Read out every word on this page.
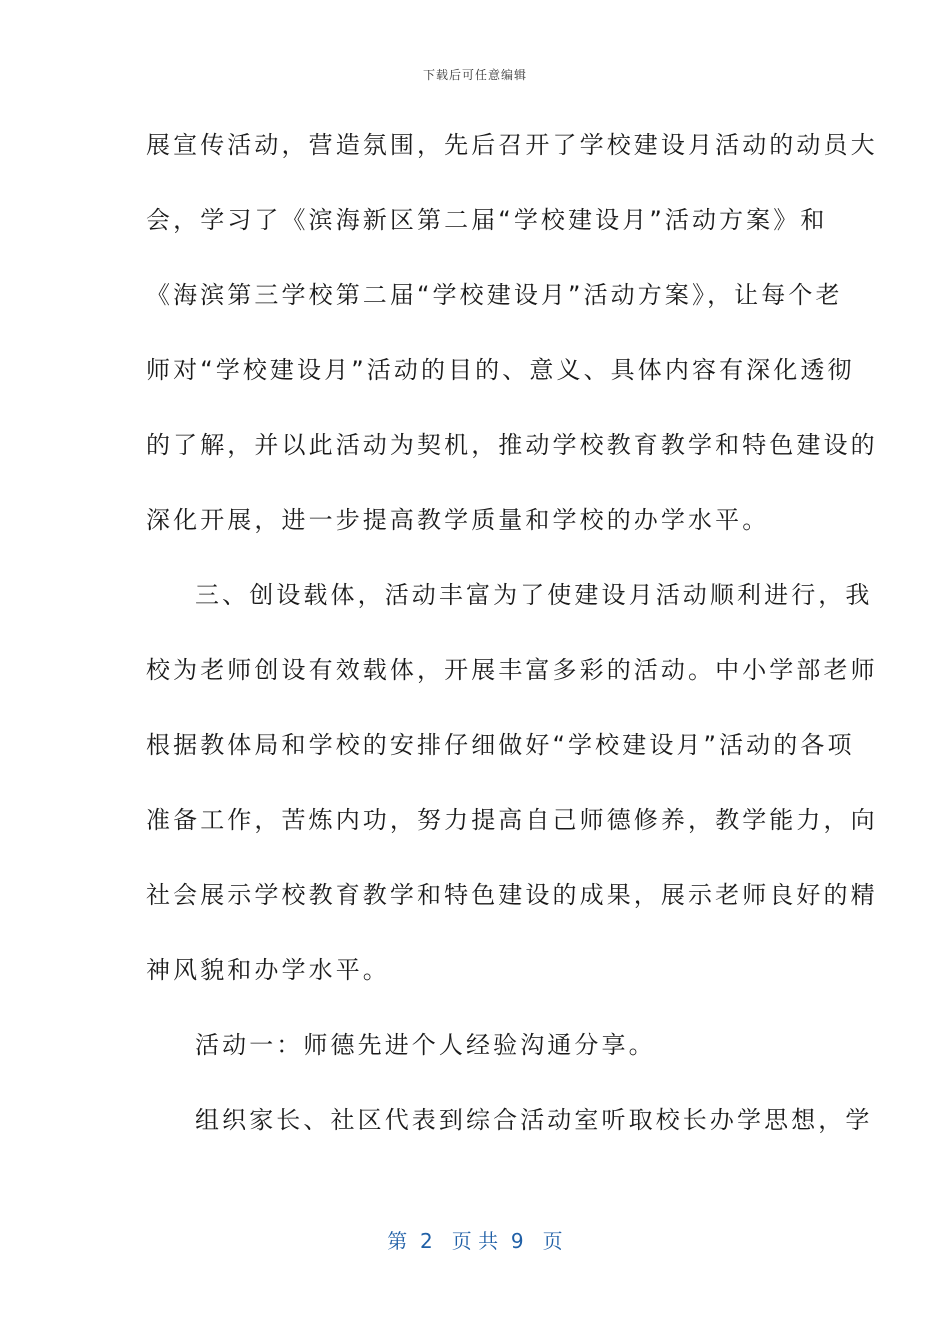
下载后可任意编辑
展宣传活动，营造氛围，先后召开了学校建设月活动的动员大
会，学习了《滨海新区第二届“学校建设月”活动方案》和
《海滨第三学校第二届“学校建设月”活动方案》，让每个老
师对“学校建设月”活动的目的、意义、具体内容有深化透彻
的了解，并以此活动为契机，推动学校教育教学和特色建设的
深化开展，进一步提高教学质量和学校的办学水平。
三、创设载体，活动丰富为了使建设月活动顺利进行，我
校为老师创设有效载体，开展丰富多彩的活动。中小学部老师
根据教体局和学校的安排仔细做好“学校建设月”活动的各项
准备工作，苦炼内功，努力提高自己师德修养，教学能力，向
社会展示学校教育教学和特色建设的成果，展示老师良好的精
神风貌和办学水平。
活动一：师德先进个人经验沟通分享。
组织家长、社区代表到综合活动室听取校长办学思想，学
第  2   页 共  9   页
